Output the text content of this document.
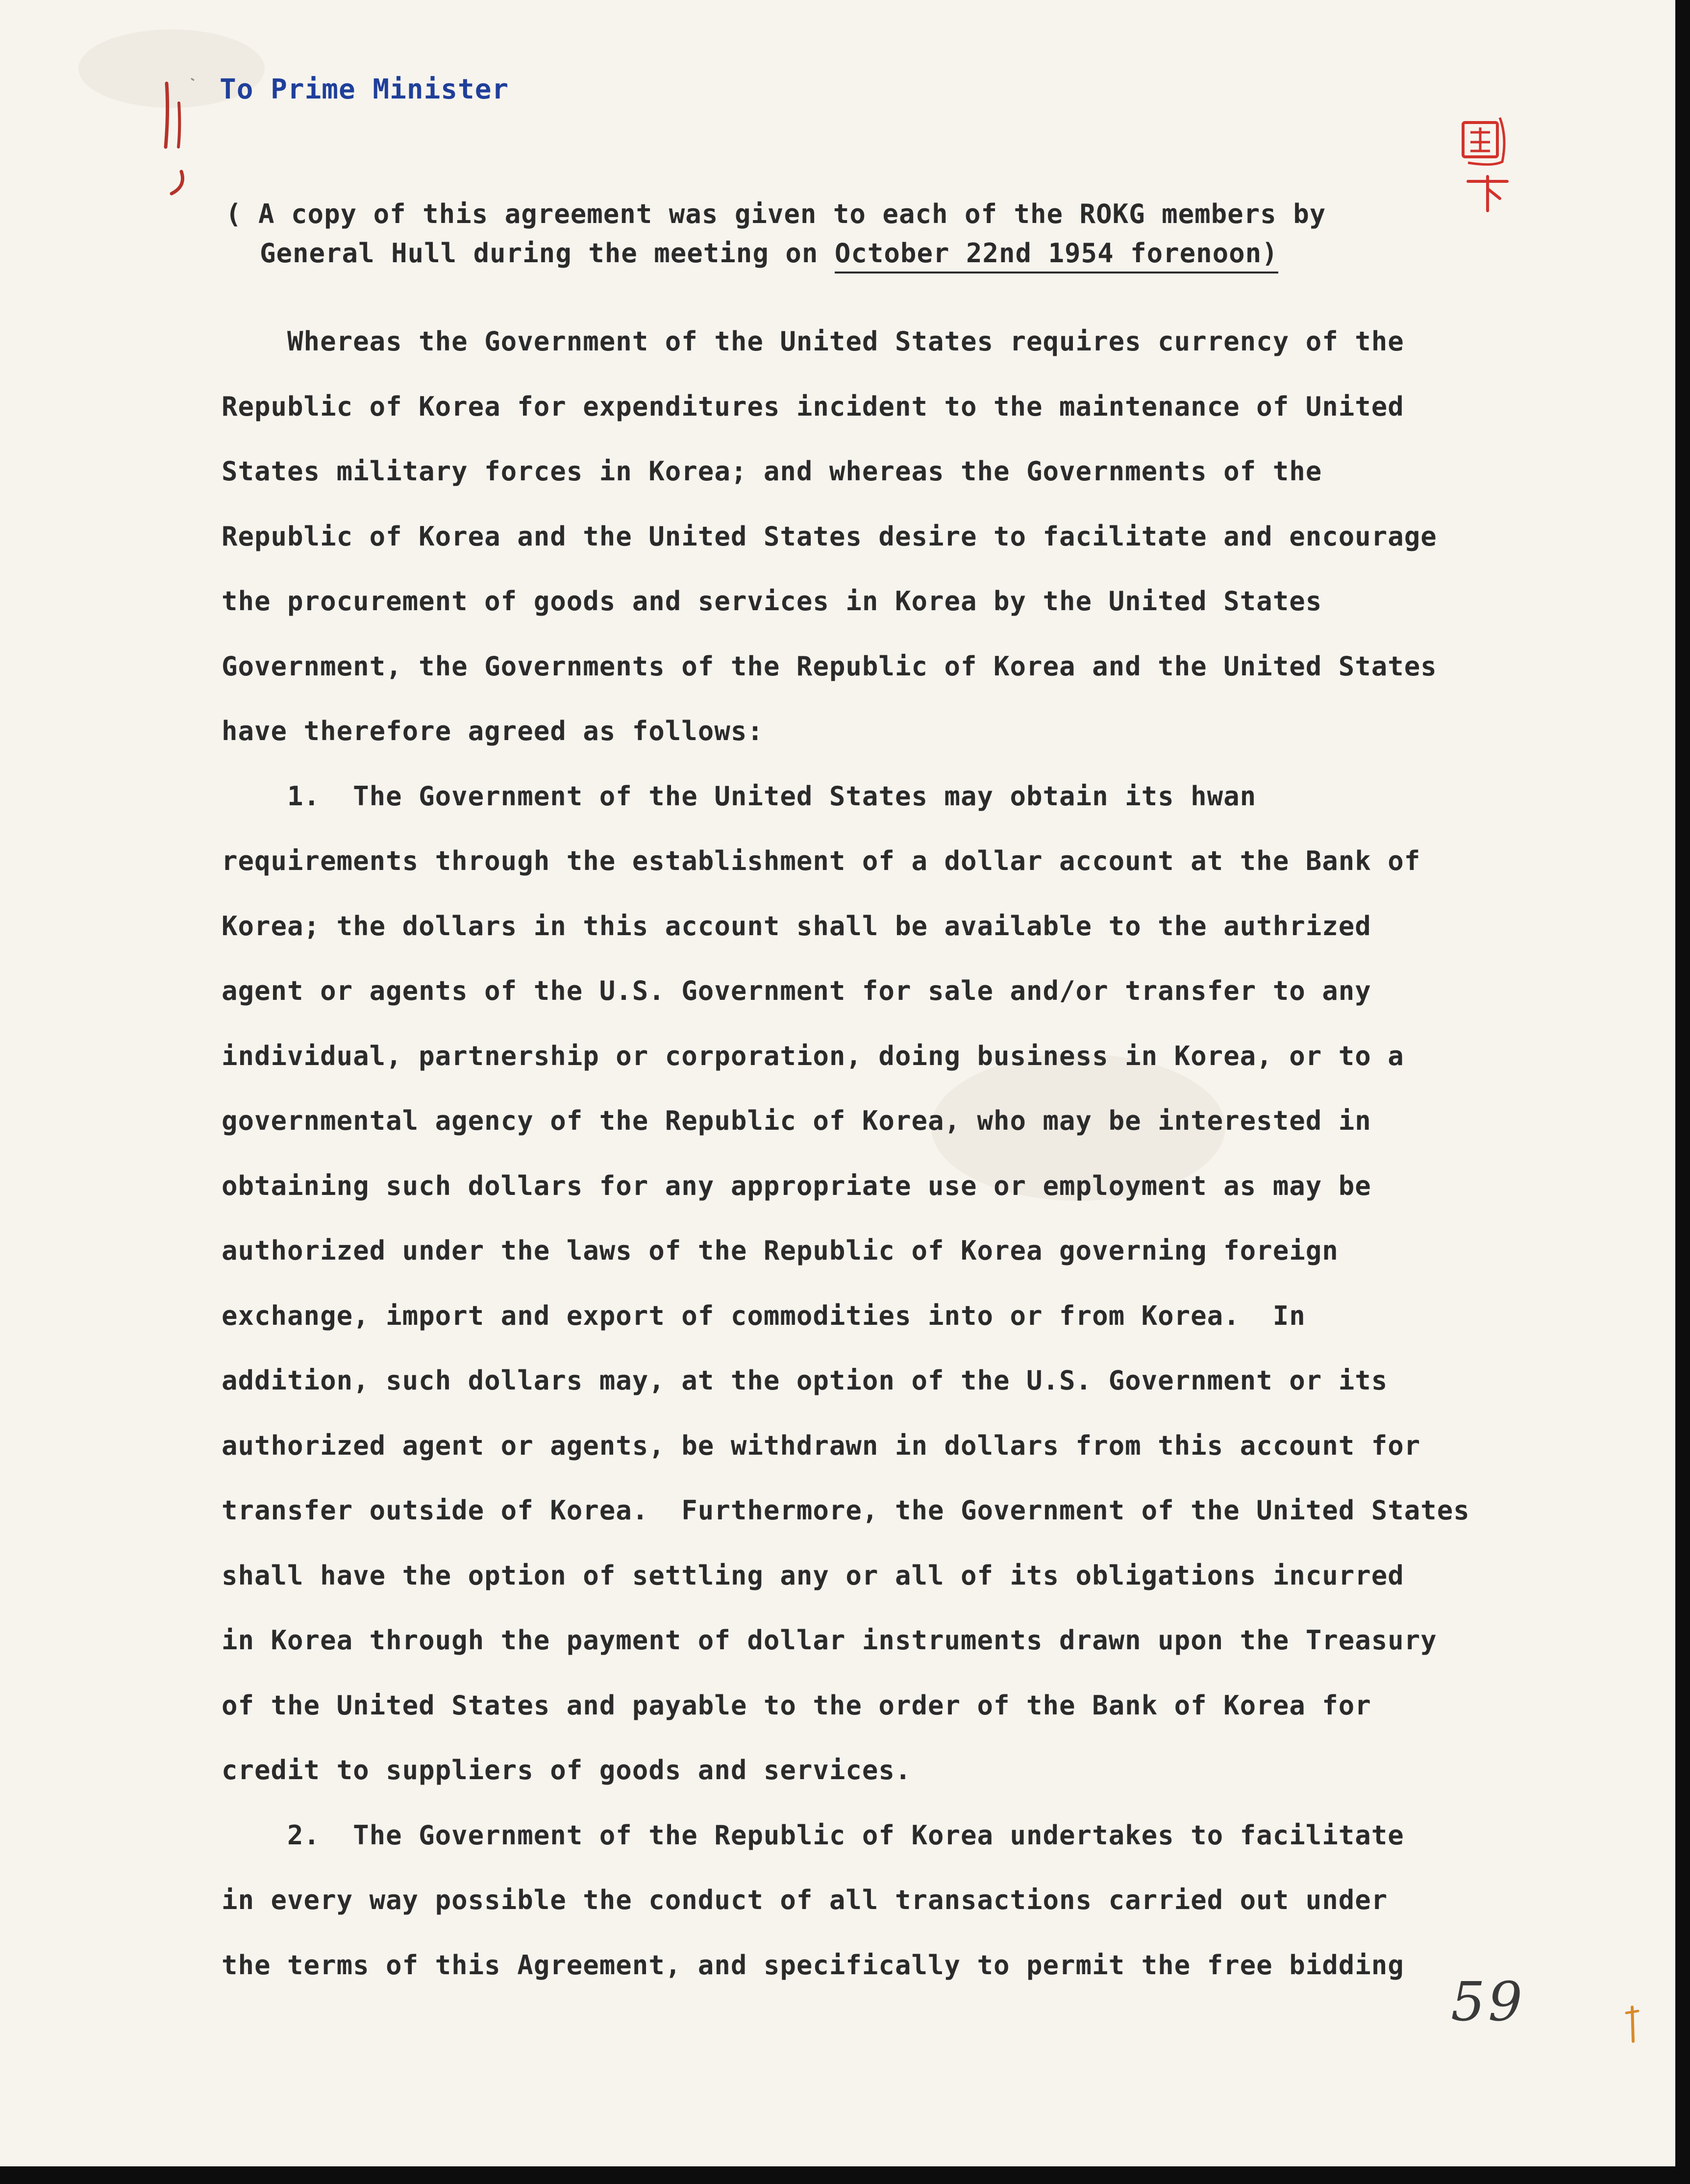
To Prime Minister
( A copy of this agreement was given to each of the ROKG members by
General Hull during the meeting on October 22nd 1954 forenoon)
Whereas the Government of the United States requires currency of the
Republic of Korea for expenditures incident to the maintenance of United
States military forces in Korea; and whereas the Governments of the
Republic of Korea and the United States desire to facilitate and encourage
the procurement of goods and services in Korea by the United States
Government, the Governments of the Republic of Korea and the United States
have therefore agreed as follows:
1.  The Government of the United States may obtain its hwan
requirements through the establishment of a dollar account at the Bank of
Korea; the dollars in this account shall be available to the authrized
agent or agents of the U.S. Government for sale and/or transfer to any
individual, partnership or corporation, doing business in Korea, or to a
governmental agency of the Republic of Korea, who may be interested in
obtaining such dollars for any appropriate use or employment as may be
authorized under the laws of the Republic of Korea governing foreign
exchange, import and export of commodities into or from Korea.  In
addition, such dollars may, at the option of the U.S. Government or its
authorized agent or agents, be withdrawn in dollars from this account for
transfer outside of Korea.  Furthermore, the Government of the United States
shall have the option of settling any or all of its obligations incurred
in Korea through the payment of dollar instruments drawn upon the Treasury
of the United States and payable to the order of the Bank of Korea for
credit to suppliers of goods and services.
2.  The Government of the Republic of Korea undertakes to facilitate
in every way possible the conduct of all transactions carried out under
the terms of this Agreement, and specifically to permit the free bidding
59
